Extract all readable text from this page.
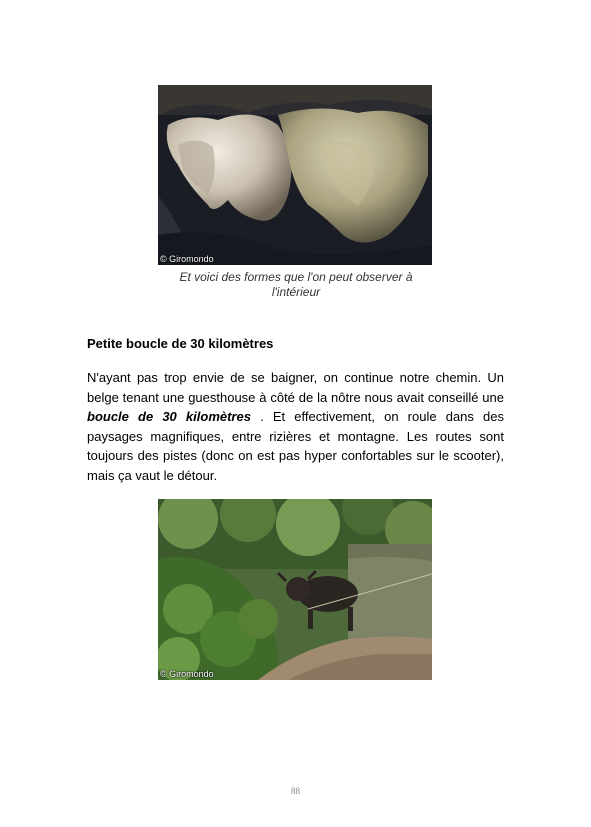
© Giromondo
Et voici des formes que l'on peut observer à l'intérieur
Petite boucle de 30 kilomètres

N'ayant pas trop envie de se baigner, on continue notre chemin. Un belge tenant une guesthouse à côté de la nôtre nous avait conseillé une boucle de 30 kilomètres . Et effectivement, on roule dans des paysages magnifiques, entre rizières et montagne. Les routes sont toujours des pistes (donc on est pas hyper confortables sur le scooter), mais ça vaut le détour.

© Giromondo
88
